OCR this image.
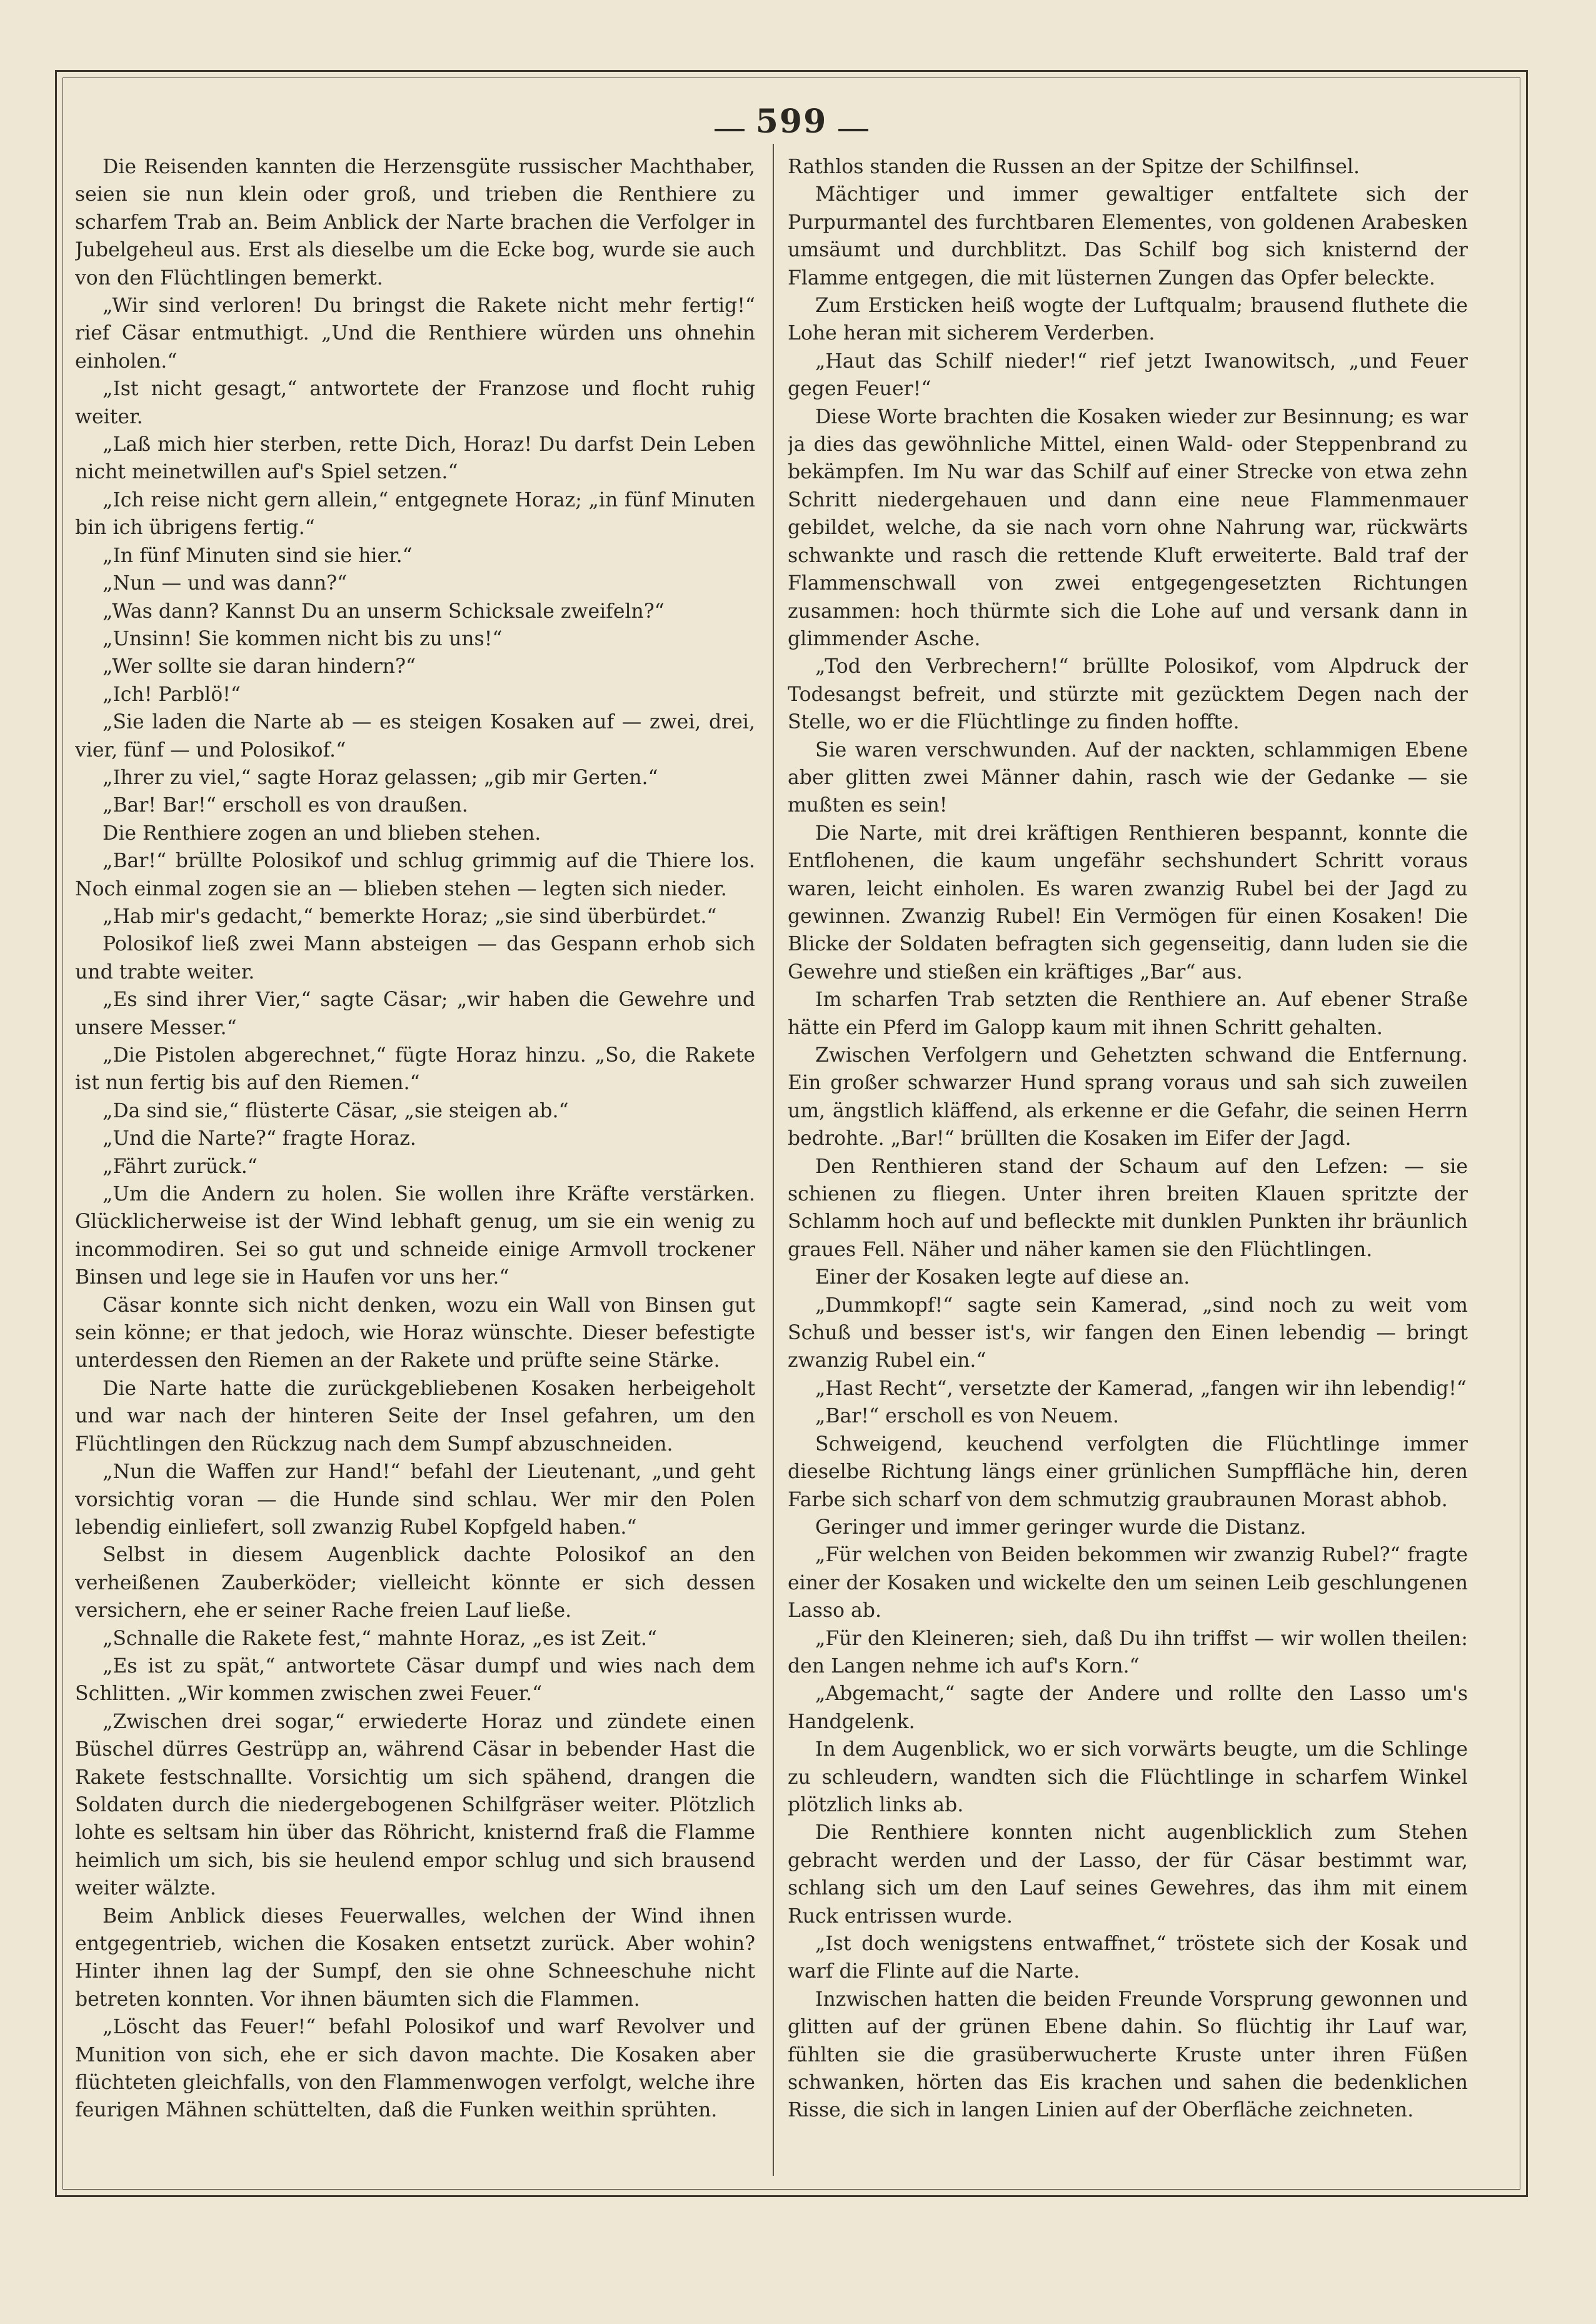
599

Die Reisenden kannten die Herzensgüte russischer Machthaber, seien sie nun klein oder groß, und trieben die Renthiere zu scharfem Trab an. Beim Anblick der Narte brachen die Verfolger in Jubelgeheul aus. Erst als dieselbe um die Ecke bog, wurde sie auch von den Flüchtlingen bemerkt.

„Wir sind verloren! Du bringst die Rakete nicht mehr fertig!“ rief Cäsar entmuthigt. „Und die Renthiere würden uns ohnehin einholen.“

„Ist nicht gesagt,“ antwortete der Franzose und flocht ruhig weiter.

„Laß mich hier sterben, rette Dich, Horaz! Du darfst Dein Leben nicht meinetwillen auf's Spiel setzen.“

„Ich reise nicht gern allein,“ entgegnete Horaz; „in fünf Minuten bin ich übrigens fertig.“

„In fünf Minuten sind sie hier.“

„Nun — und was dann?“

„Was dann? Kannst Du an unserm Schicksale zweifeln?“

„Unsinn! Sie kommen nicht bis zu uns!“

„Wer sollte sie daran hindern?“

„Ich! Parblö!“

„Sie laden die Narte ab — es steigen Kosaken auf — zwei, drei, vier, fünf — und Polosikof.“

„Ihrer zu viel,“ sagte Horaz gelassen; „gib mir Gerten.“

„Bar! Bar!“ erscholl es von draußen.

Die Renthiere zogen an und blieben stehen.

„Bar!“ brüllte Polosikof und schlug grimmig auf die Thiere los. Noch einmal zogen sie an — blieben stehen — legten sich nieder.

„Hab mir's gedacht,“ bemerkte Horaz; „sie sind überbürdet.“

Polosikof ließ zwei Mann absteigen — das Gespann erhob sich und trabte weiter.

„Es sind ihrer Vier,“ sagte Cäsar; „wir haben die Gewehre und unsere Messer.“

„Die Pistolen abgerechnet,“ fügte Horaz hinzu. „So, die Rakete ist nun fertig bis auf den Riemen.“

„Da sind sie,“ flüsterte Cäsar, „sie steigen ab.“

„Und die Narte?“ fragte Horaz.

„Fährt zurück.“

„Um die Andern zu holen. Sie wollen ihre Kräfte verstärken. Glücklicherweise ist der Wind lebhaft genug, um sie ein wenig zu incommodiren. Sei so gut und schneide einige Armvoll trockener Binsen und lege sie in Haufen vor uns her.“

Cäsar konnte sich nicht denken, wozu ein Wall von Binsen gut sein könne; er that jedoch, wie Horaz wünschte. Dieser befestigte unterdessen den Riemen an der Rakete und prüfte seine Stärke.

Die Narte hatte die zurückgebliebenen Kosaken herbeigeholt und war nach der hinteren Seite der Insel gefahren, um den Flüchtlingen den Rückzug nach dem Sumpf abzuschneiden.

„Nun die Waffen zur Hand!“ befahl der Lieutenant, „und geht vorsichtig voran — die Hunde sind schlau. Wer mir den Polen lebendig einliefert, soll zwanzig Rubel Kopfgeld haben.“

Selbst in diesem Augenblick dachte Polosikof an den verheißenen Zauberköder; vielleicht könnte er sich dessen versichern, ehe er seiner Rache freien Lauf ließe.

„Schnalle die Rakete fest,“ mahnte Horaz, „es ist Zeit.“

„Es ist zu spät,“ antwortete Cäsar dumpf und wies nach dem Schlitten. „Wir kommen zwischen zwei Feuer.“

„Zwischen drei sogar,“ erwiederte Horaz und zündete einen Büschel dürres Gestrüpp an, während Cäsar in bebender Hast die Rakete festschnallte. Vorsichtig um sich spähend, drangen die Soldaten durch die niedergebogenen Schilfgräser weiter. Plötzlich lohte es seltsam hin über das Röhricht, knisternd fraß die Flamme heimlich um sich, bis sie heulend empor schlug und sich brausend weiter wälzte.

Beim Anblick dieses Feuerwalles, welchen der Wind ihnen entgegentrieb, wichen die Kosaken entsetzt zurück. Aber wohin? Hinter ihnen lag der Sumpf, den sie ohne Schneeschuhe nicht betreten konnten. Vor ihnen bäumten sich die Flammen.

„Löscht das Feuer!“ befahl Polosikof und warf Revolver und Munition von sich, ehe er sich davon machte. Die Kosaken aber flüchteten gleichfalls, von den Flammenwogen verfolgt, welche ihre feurigen Mähnen schüttelten, daß die Funken weithin sprühten.

Rathlos standen die Russen an der Spitze der Schilfinsel.

Mächtiger und immer gewaltiger entfaltete sich der Purpurmantel des furchtbaren Elementes, von goldenen Arabesken umsäumt und durchblitzt. Das Schilf bog sich knisternd der Flamme entgegen, die mit lüsternen Zungen das Opfer beleckte.

Zum Ersticken heiß wogte der Luftqualm; brausend fluthete die Lohe heran mit sicherem Verderben.

„Haut das Schilf nieder!“ rief jetzt Iwanowitsch, „und Feuer gegen Feuer!“

Diese Worte brachten die Kosaken wieder zur Besinnung; es war ja dies das gewöhnliche Mittel, einen Wald- oder Steppenbrand zu bekämpfen. Im Nu war das Schilf auf einer Strecke von etwa zehn Schritt niedergehauen und dann eine neue Flammenmauer gebildet, welche, da sie nach vorn ohne Nahrung war, rückwärts schwankte und rasch die rettende Kluft erweiterte. Bald traf der Flammenschwall von zwei entgegengesetzten Richtungen zusammen: hoch thürmte sich die Lohe auf und versank dann in glimmender Asche.

„Tod den Verbrechern!“ brüllte Polosikof, vom Alpdruck der Todesangst befreit, und stürzte mit gezücktem Degen nach der Stelle, wo er die Flüchtlinge zu finden hoffte.

Sie waren verschwunden. Auf der nackten, schlammigen Ebene aber glitten zwei Männer dahin, rasch wie der Gedanke — sie mußten es sein!

Die Narte, mit drei kräftigen Renthieren bespannt, konnte die Entflohenen, die kaum ungefähr sechshundert Schritt voraus waren, leicht einholen. Es waren zwanzig Rubel bei der Jagd zu gewinnen. Zwanzig Rubel! Ein Vermögen für einen Kosaken! Die Blicke der Soldaten befragten sich gegenseitig, dann luden sie die Gewehre und stießen ein kräftiges „Bar“ aus.

Im scharfen Trab setzten die Renthiere an. Auf ebener Straße hätte ein Pferd im Galopp kaum mit ihnen Schritt gehalten.

Zwischen Verfolgern und Gehetzten schwand die Entfernung. Ein großer schwarzer Hund sprang voraus und sah sich zuweilen um, ängstlich kläffend, als erkenne er die Gefahr, die seinen Herrn bedrohte. „Bar!“ brüllten die Kosaken im Eifer der Jagd.

Den Renthieren stand der Schaum auf den Lefzen: — sie schienen zu fliegen. Unter ihren breiten Klauen spritzte der Schlamm hoch auf und befleckte mit dunklen Punkten ihr bräunlich graues Fell. Näher und näher kamen sie den Flüchtlingen.

Einer der Kosaken legte auf diese an.

„Dummkopf!“ sagte sein Kamerad, „sind noch zu weit vom Schuß und besser ist's, wir fangen den Einen lebendig — bringt zwanzig Rubel ein.“

„Hast Recht“, versetzte der Kamerad, „fangen wir ihn lebendig!“

„Bar!“ erscholl es von Neuem.

Schweigend, keuchend verfolgten die Flüchtlinge immer dieselbe Richtung längs einer grünlichen Sumpffläche hin, deren Farbe sich scharf von dem schmutzig graubraunen Morast abhob.

Geringer und immer geringer wurde die Distanz.

„Für welchen von Beiden bekommen wir zwanzig Rubel?“ fragte einer der Kosaken und wickelte den um seinen Leib geschlungenen Lasso ab.

„Für den Kleineren; sieh, daß Du ihn triffst — wir wollen theilen: den Langen nehme ich auf's Korn.“

„Abgemacht,“ sagte der Andere und rollte den Lasso um's Handgelenk.

In dem Augenblick, wo er sich vorwärts beugte, um die Schlinge zu schleudern, wandten sich die Flüchtlinge in scharfem Winkel plötzlich links ab.

Die Renthiere konnten nicht augenblicklich zum Stehen gebracht werden und der Lasso, der für Cäsar bestimmt war, schlang sich um den Lauf seines Gewehres, das ihm mit einem Ruck entrissen wurde.

„Ist doch wenigstens entwaffnet,“ tröstete sich der Kosak und warf die Flinte auf die Narte.

Inzwischen hatten die beiden Freunde Vorsprung gewonnen und glitten auf der grünen Ebene dahin. So flüchtig ihr Lauf war, fühlten sie die grasüberwucherte Kruste unter ihren Füßen schwanken, hörten das Eis krachen und sahen die bedenklichen Risse, die sich in langen Linien auf der Oberfläche zeichneten.
